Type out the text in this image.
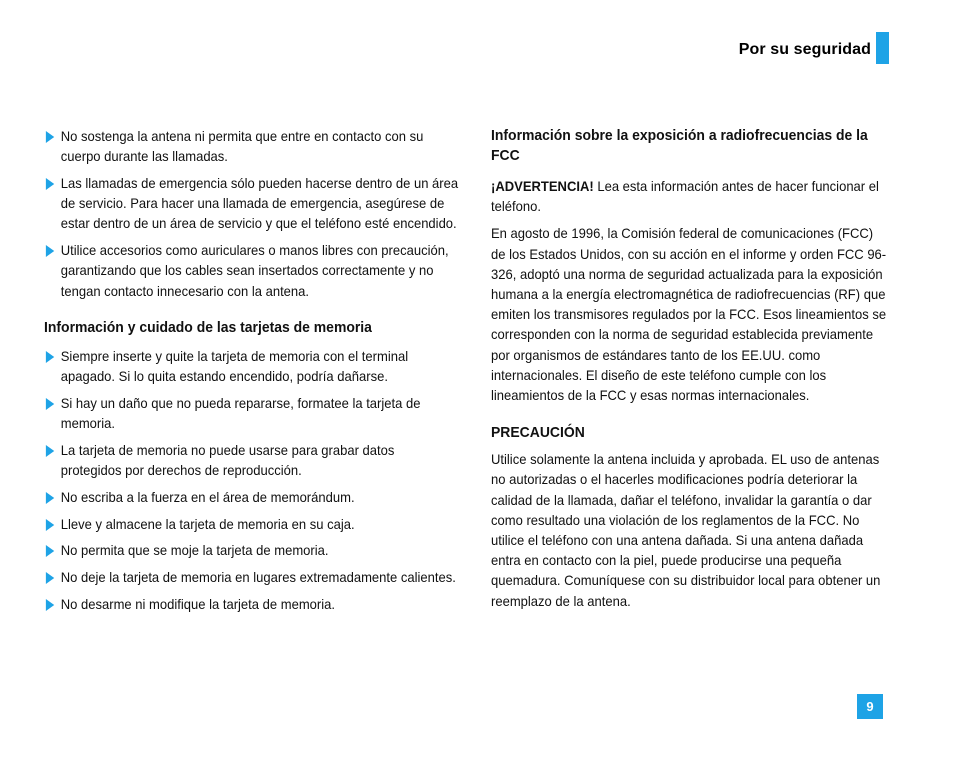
Por su seguridad
No sostenga la antena ni permita que entre en contacto con su cuerpo durante las llamadas.
Las llamadas de emergencia sólo pueden hacerse dentro de un área de servicio. Para hacer una llamada de emergencia, asegúrese de estar dentro de un área de servicio y que el teléfono esté encendido.
Utilice accesorios como auriculares o manos libres con precaución, garantizando que los cables sean insertados correctamente y no tengan contacto innecesario con la antena.
Información y cuidado de las tarjetas de memoria
Siempre inserte y quite la tarjeta de memoria con el terminal apagado. Si lo quita estando encendido, podría dañarse.
Si hay un daño que no pueda repararse, formatee la tarjeta de memoria.
La tarjeta de memoria no puede usarse para grabar datos protegidos por derechos de reproducción.
No escriba a la fuerza en el área de memorándum.
Lleve y almacene la tarjeta de memoria en su caja.
No permita que se moje la tarjeta de memoria.
No deje la tarjeta de memoria en lugares extremadamente calientes.
No desarme ni modifique la tarjeta de memoria.
Información sobre la exposición a radiofrecuencias de la FCC

¡ADVERTENCIA! Lea esta información antes de hacer funcionar el teléfono.

En agosto de 1996, la Comisión federal de comunicaciones (FCC) de los Estados Unidos, con su acción en el informe y orden FCC 96-326, adoptó una norma de seguridad actualizada para la exposición humana a la energía electromagnética de radiofrecuencias (RF) que emiten los transmisores regulados por la FCC. Esos lineamientos se corresponden con la norma de seguridad establecida previamente por organismos de estándares tanto de los EE.UU. como internacionales. El diseño de este teléfono cumple con los lineamientos de la FCC y esas normas internacionales.

PRECAUCIÓN

Utilice solamente la antena incluida y aprobada. EL uso de antenas no autorizadas o el hacerles modificaciones podría deteriorar la calidad de la llamada, dañar el teléfono, invalidar la garantía o dar como resultado una violación de los reglamentos de la FCC. No utilice el teléfono con una antena dañada. Si una antena dañada entra en contacto con la piel, puede producirse una pequeña quemadura. Comuníquese con su distribuidor local para obtener un reemplazo de la antena.

9
